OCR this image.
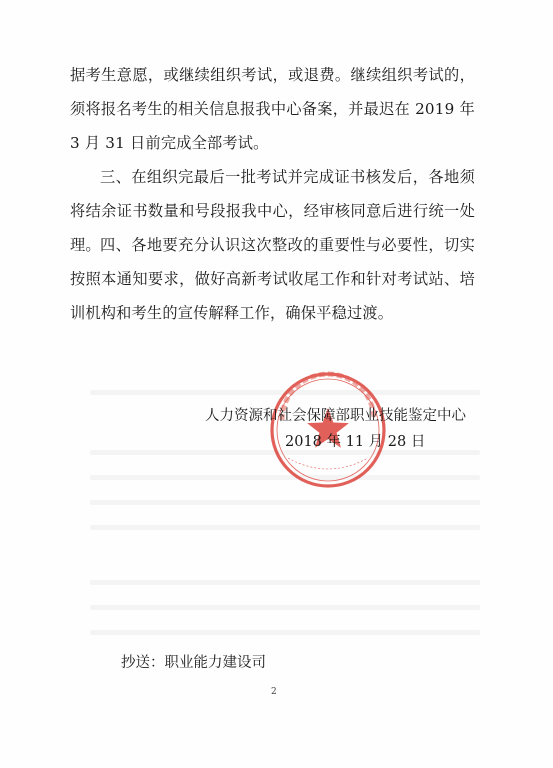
据考生意愿，或继续组织考试，或退费。继续组织考试的，须将报名考生的相关信息报我中心备案，并最迟在 2019 年 3 月 31 日前完成全部考试。

三、在组织完最后一批考试并完成证书核发后，各地须将结余证书数量和号段报我中心，经审核同意后进行统一处理。 四、各地要充分认识这次整改的重要性与必要性，切实按照本通知要求，做好高新考试收尾工作和针对考试站、培训机构和考生的宣传解释工作，确保平稳过渡。

人力资源和社会保障部职业技能鉴定中心
2018 年 11 月 28 日
抄送：职业能力建设司
2
